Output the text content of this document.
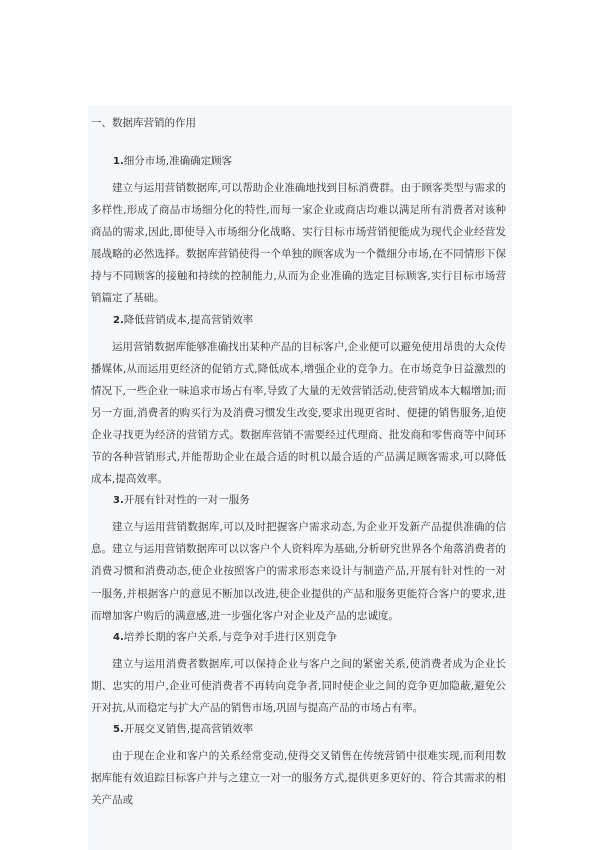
一、数据库营销的作用
1.细分市场,准确确定顾客
建立与运用营销数据库,可以帮助企业准确地找到目标消费群。由于顾客类型与需求的多样性,形成了商品市场细分化的特性,而每一家企业或商店均难以满足所有消费者对该种商品的需求,因此,即使导入市场细分化战略、实行目标市场营销便能成为现代企业经营发展战略的必然选择。数据库营销使得一个单独的顾客成为一个微细分市场,在不同情形下保持与不同顾客的接触和持续的控制能力,从而为企业准确的选定目标顾客,实行目标市场营销篇定了基础。
2.降低营销成本,提高营销效率
运用营销数据库能够准确找出某种产品的目标客户,企业便可以避免使用昂贵的大众传播媒体,从而运用更经济的促销方式,降低成本,增强企业的竞争力。在市场竞争日益激烈的情况下,一些企业一味追求市场占有率,导致了大量的无效营销活动,使营销成本大幅增加;而另一方面,消费者的购买行为及消费习惯发生改变,要求出现更省时、便捷的销售服务,迫使企业寻找更为经济的营销方式。数据库营销不需要经过代理商、批发商和零售商等中间环节的各种营销形式,并能帮助企业在最合适的时机以最合适的产品满足顾客需求,可以降低成本,提高效率。
3.开展有针对性的一对一服务
建立与运用营销数据库,可以及时把握客户需求动态,为企业开发新产品提供准确的信息。建立与运用营销数据库可以以客户个人资料库为基础,分析研究世界各个角落消费者的消费习惯和消费动态,使企业按照客户的需求形态来设计与制造产品,开展有针对性的一对一服务,并根据客户的意见不断加以改进,使企业提供的产品和服务更能符合客户的要求,进而增加客户购后的满意感,进一步强化客户对企业及产品的忠诚度。
4.培养长期的客户关系,与竞争对手进行区别竞争
建立与运用消费者数据库,可以保持企业与客户之间的紧密关系,使消费者成为企业长期、忠实的用户,企业可使消费者不再转向竞争者,同时使企业之间的竞争更加隐蔽,避免公开对抗,从而稳定与扩大产品的销售市场,巩固与提高产品的市场占有率。
5.开展交叉销售,提高营销效率
由于现在企业和客户的关系经常变动,使得交叉销售在传统营销中很难实现,而利用数据库能有效追踪目标客户并与之建立一对一的服务方式,提供更多更好的、符合其需求的相关产品或
